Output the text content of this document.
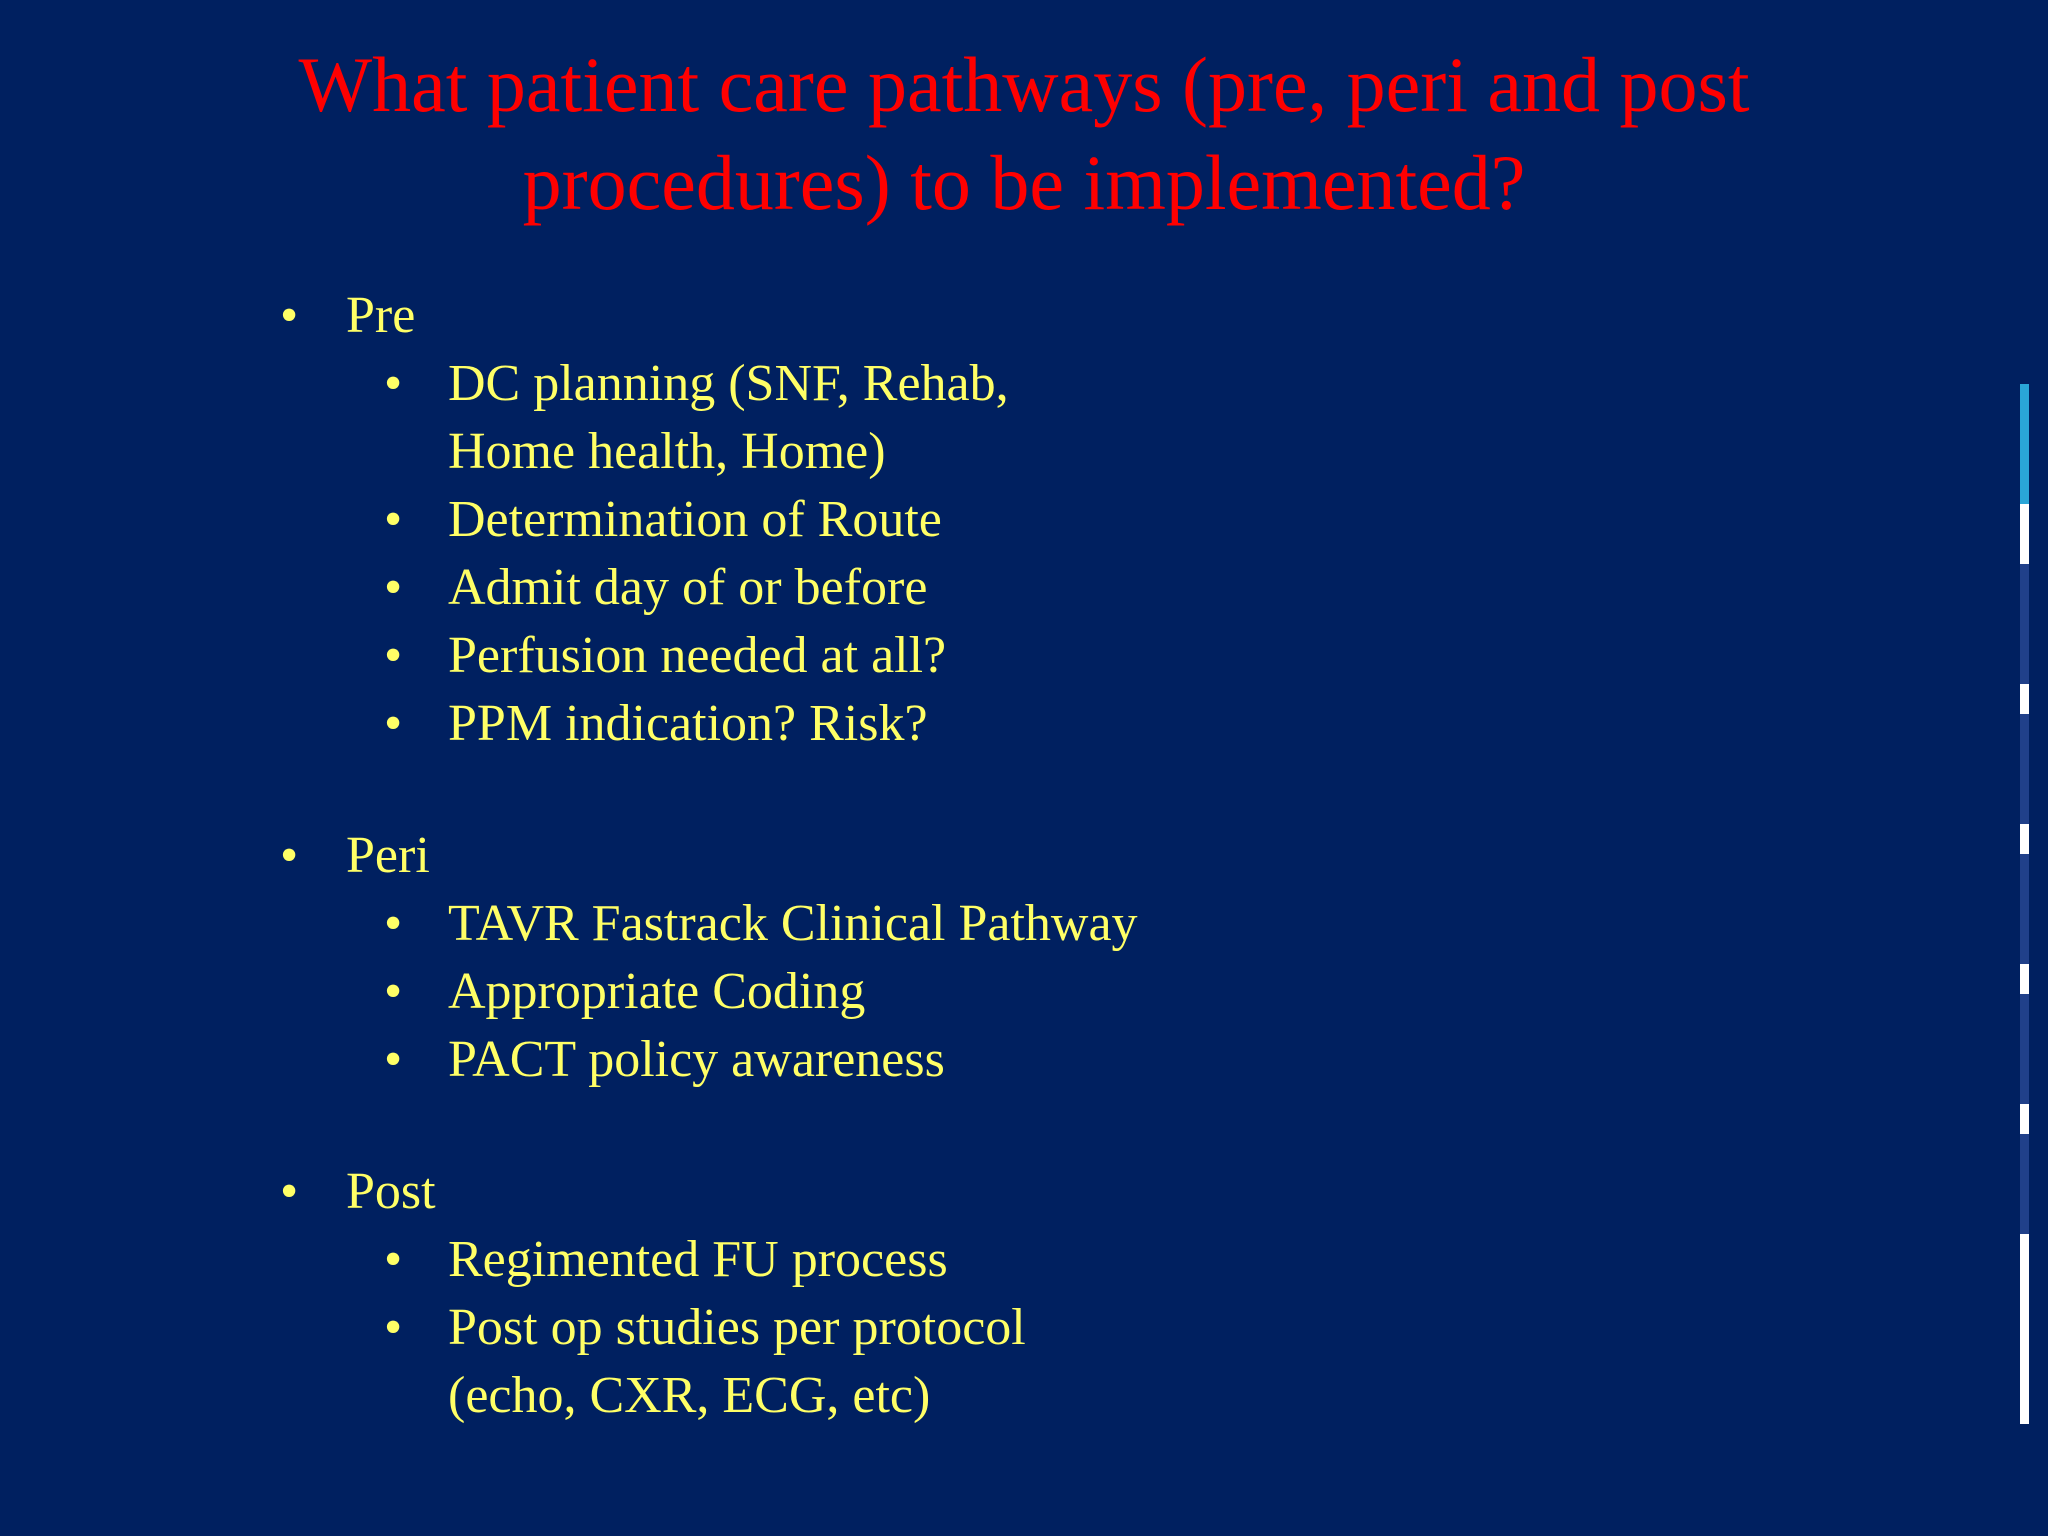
What patient care pathways (pre, peri and post
procedures) to be implemented?
• Pre
• DC planning (SNF, Rehab, Home health, Home)
• Determination of Route
• Admit day of or before
• Perfusion needed at all?
• PPM indication? Risk?
• Peri
• TAVR Fastrack Clinical Pathway
• Appropriate Coding
• PACT policy awareness
• Post
• Regimented FU process
• Post op studies per protocol (echo, CXR, ECG, etc)
